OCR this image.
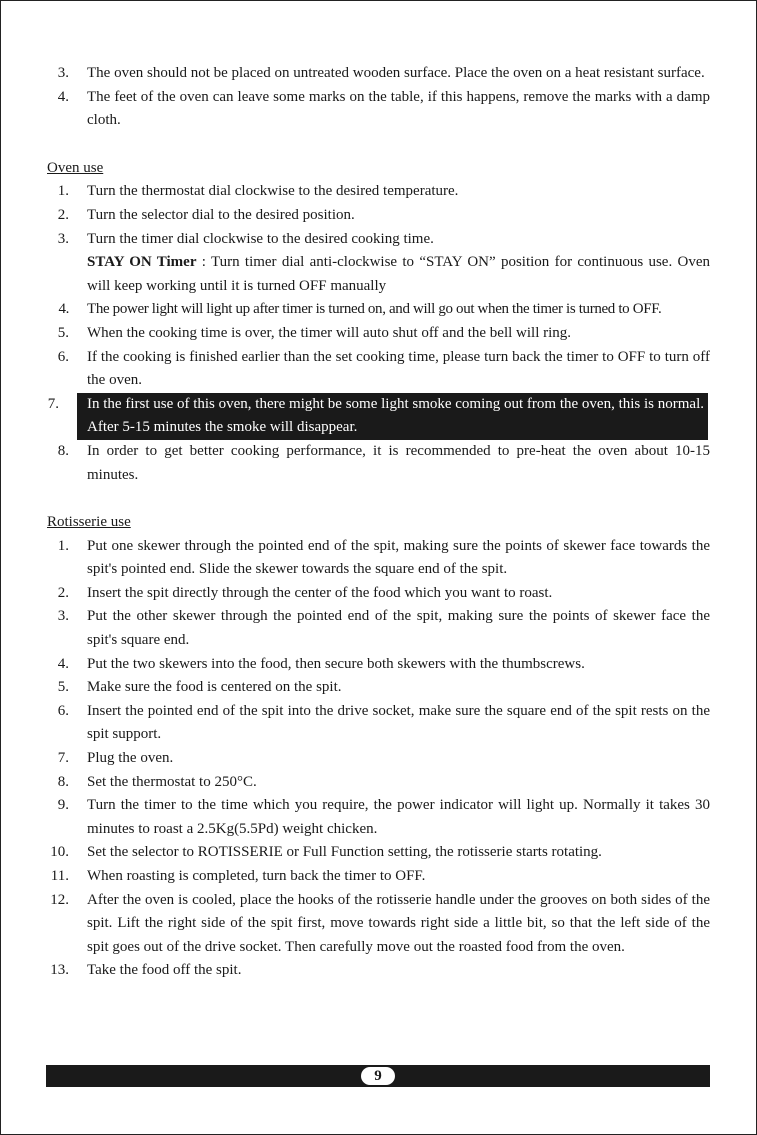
3. The oven should not be placed on untreated wooden surface. Place the oven on a heat resistant surface.
4. The feet of the oven can leave some marks on the table, if this happens, remove the marks with a damp cloth.

Oven use

1. Turn the thermostat dial clockwise to the desired temperature.
2. Turn the selector dial to the desired position.
3. Turn the timer dial clockwise to the desired cooking time.
STAY ON Timer : Turn timer dial anti-clockwise to “STAY ON” position for continuous use. Oven will keep working until it is turned OFF manually
4. The power light will light up after timer is turned on, and will go out when the timer is turned to OFF.
5. When the cooking time is over, the timer will auto shut off and the bell will ring.
6. If the cooking is finished earlier than the set cooking time, please turn back the timer to OFF to turn off the oven.
7. In the first use of this oven, there might be some light smoke coming out from the oven, this is normal. After 5-15 minutes the smoke will disappear.
8. In order to get better cooking performance, it is recommended to pre-heat the oven about 10-15 minutes.

Rotisserie use

1. Put one skewer through the pointed end of the spit, making sure the points of skewer face towards the spit's pointed end. Slide the skewer towards the square end of the spit.
2. Insert the spit directly through the center of the food which you want to roast.
3. Put the other skewer through the pointed end of the spit, making sure the points of skewer face the spit's square end.
4. Put the two skewers into the food, then secure both skewers with the thumbscrews.
5. Make sure the food is centered on the spit.
6. Insert the pointed end of the spit into the drive socket, make sure the square end of the spit rests on the spit support.
7. Plug the oven.
8. Set the thermostat to 250°C.
9. Turn the timer to the time which you require, the power indicator will light up. Normally it takes 30 minutes to roast a 2.5Kg(5.5Pd) weight chicken.
10. Set the selector to ROTISSERIE or Full Function setting, the rotisserie starts rotating.
11. When roasting is completed, turn back the timer to OFF.
12. After the oven is cooled, place the hooks of the rotisserie handle under the grooves on both sides of the spit. Lift the right side of the spit first, move towards right side a little bit, so that the left side of the spit goes out of the drive socket. Then carefully move out the roasted food from the oven.
13. Take the food off the spit.
9
